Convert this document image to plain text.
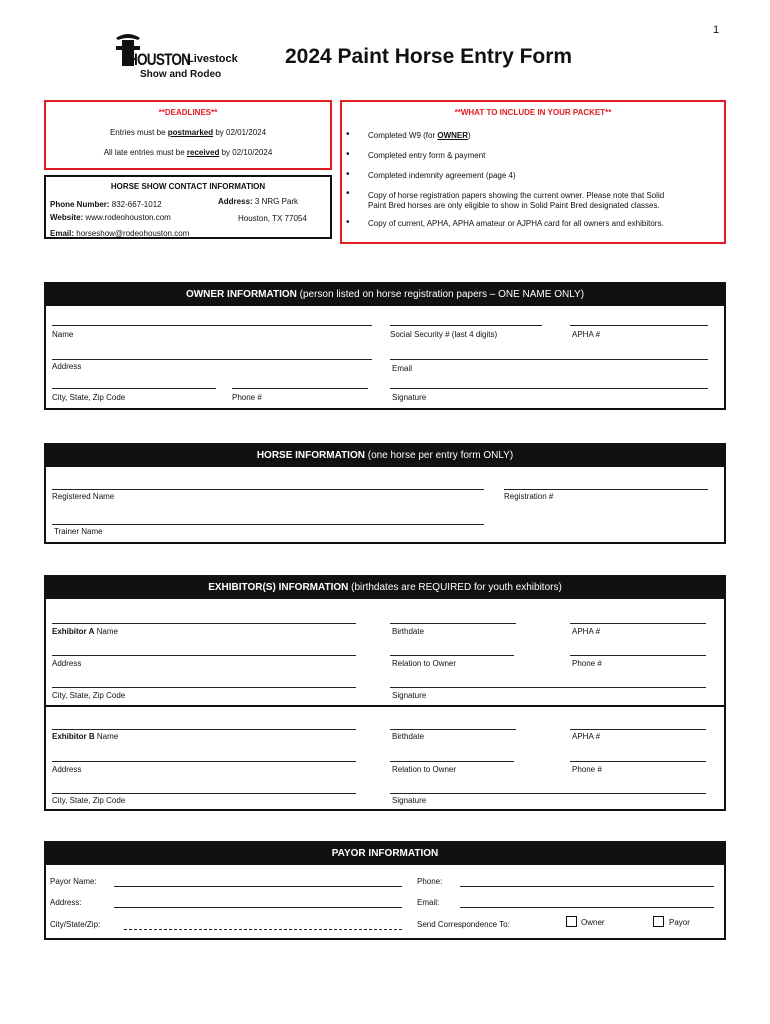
1
HOUSTON
Livestock
Show and Rodeo
2024 Paint Horse Entry Form
**DEADLINES**
Entries must be postmarked by 02/01/2024
All late entries must be received by 02/10/2024
HORSE SHOW CONTACT INFORMATION
Phone Number: 832-667-1012
Website: www.rodeohouston.com
Email: horseshow@rodeohouston.com
Address: 3 NRG Park
Houston, TX 77054
**WHAT TO INCLUDE IN YOUR PACKET**
• Completed W9 (for OWNER)
• Completed entry form & payment
• Completed indemnity agreement (page 4)
• Copy of horse registration papers showing the current owner. Please note that Solid
Paint Bred horses are only eligible to show in Solid Paint Bred designated classes.
• Copy of current, APHA, APHA amateur or AJPHA card for all owners and exhibitors.
OWNER INFORMATION (person listed on horse registration papers – ONE NAME ONLY)
Name	Social Security # (last 4 digits)	APHA #
Address	Email
City, State, Zip Code	Phone #	Signature
HORSE INFORMATION (one horse per entry form ONLY)
Registered Name	Registration #
Trainer Name
EXHIBITOR(S) INFORMATION (birthdates are REQUIRED for youth exhibitors)
Exhibitor A Name	Birthdate	APHA #
Address	Relation to Owner	Phone #
City, State, Zip Code	Signature
Exhibitor B Name	Birthdate	APHA #
Address	Relation to Owner	Phone #
City, State, Zip Code	Signature
PAYOR INFORMATION
Payor Name:
Address:
City/State/Zip:
Phone:
Email:
Send Correspondence To:	Owner	Payor
